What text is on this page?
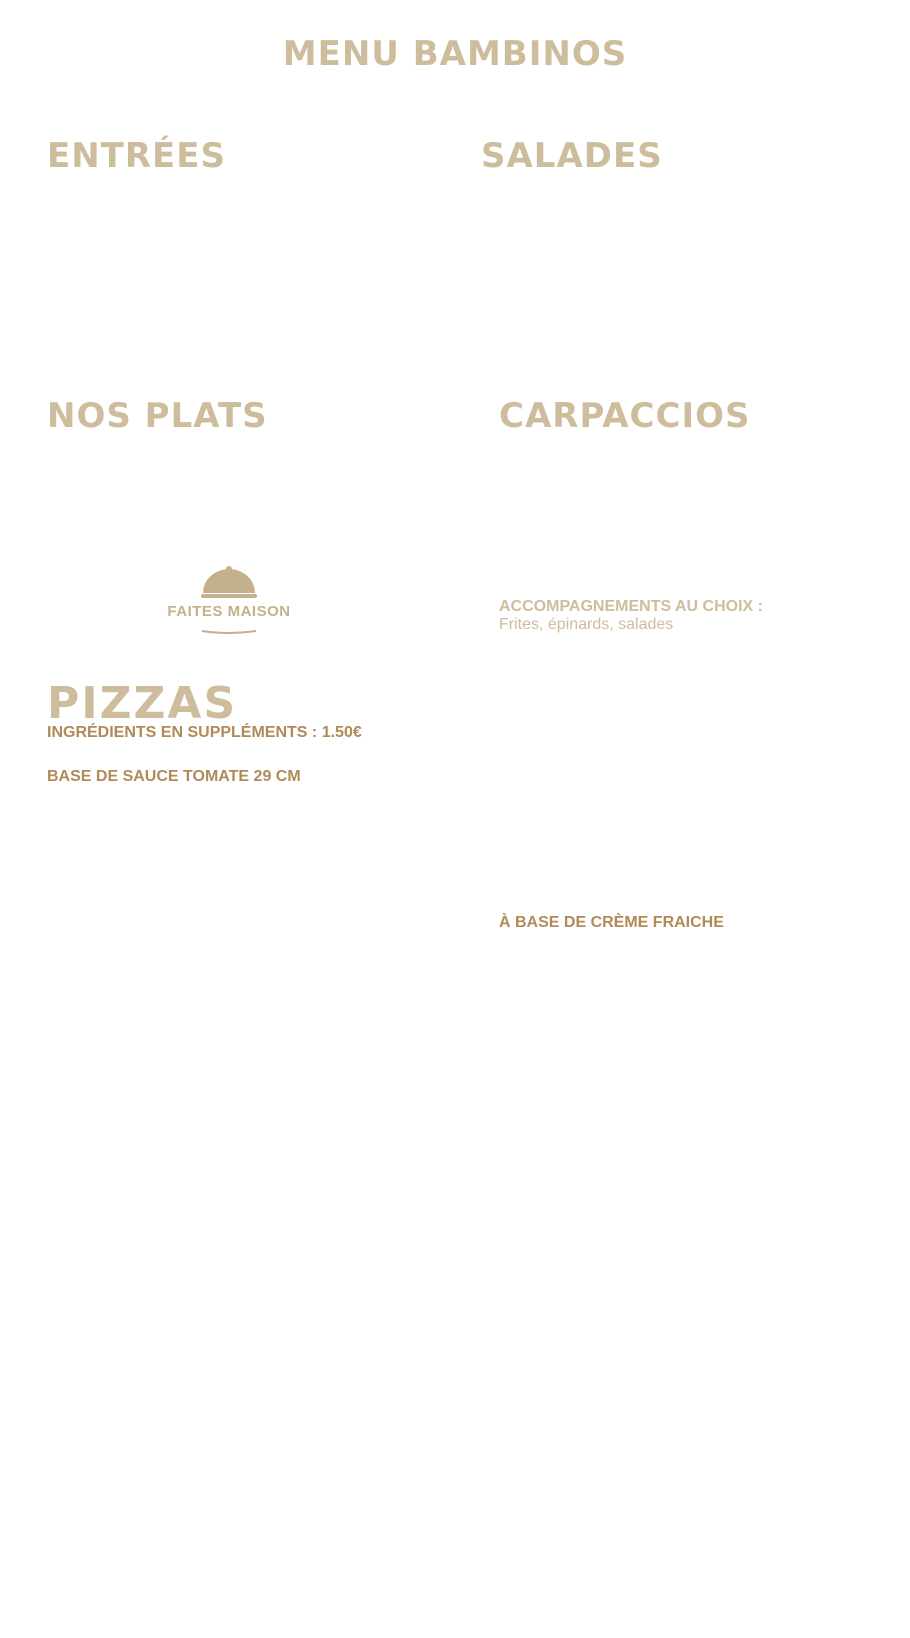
MENU BAMBINOS
ENTRÉES	SALADES
NOS PLATS	CARPACCIOS
FAITES MAISON	ACCOMPAGNEMENTS AU CHOIX :
Frites, épinards, salades
PIZZAS
INGRÉDIENTS EN SUPPLÉMENTS : 1.50€
BASE DE SAUCE TOMATE 29 CM
À BASE DE CRÈME FRAICHE
